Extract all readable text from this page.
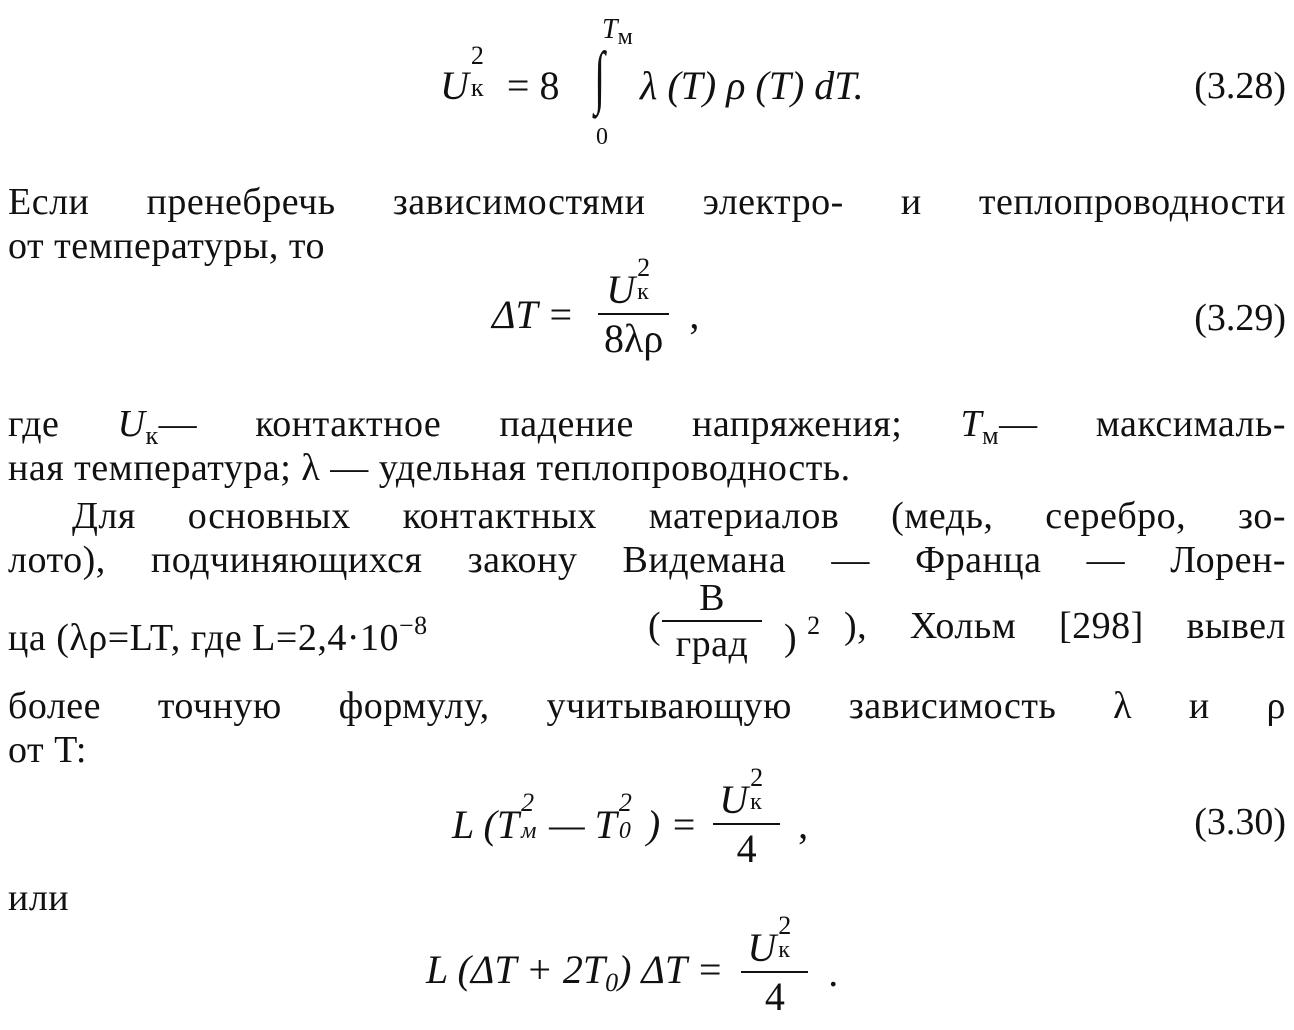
U
2
к = 8 ∫
Tм
0
λ (T) ρ (T) dT.	(3.28)
Если пренебречь зависимостями электро- и теплопроводности
от температуры, то
ΔT = U 2
к
8λρ ,	(3.29)
где $U_к—$ контактное падение напряжения; $T_м—$ максималь-
ная температура; λ — удельная теплопроводность.
Для основных контактных материалов (медь, серебро, зо-
лото), подчиняющихся закону Видемана — Франца — Лорен-
ца (λρ=LT, где $L=2,4\cdot 10^{-8}$	(
В
град ) $^2$ ), Хольм [298] вывел
более точную формулу, учитывающую зависимость λ и ρ
от T:
L (T 2
м — T 2
0 ) = U 2
к
4 ,	(3.30)
или
L $(\Delta T + 2T_0)$ ΔT = U 2
к
4 .
